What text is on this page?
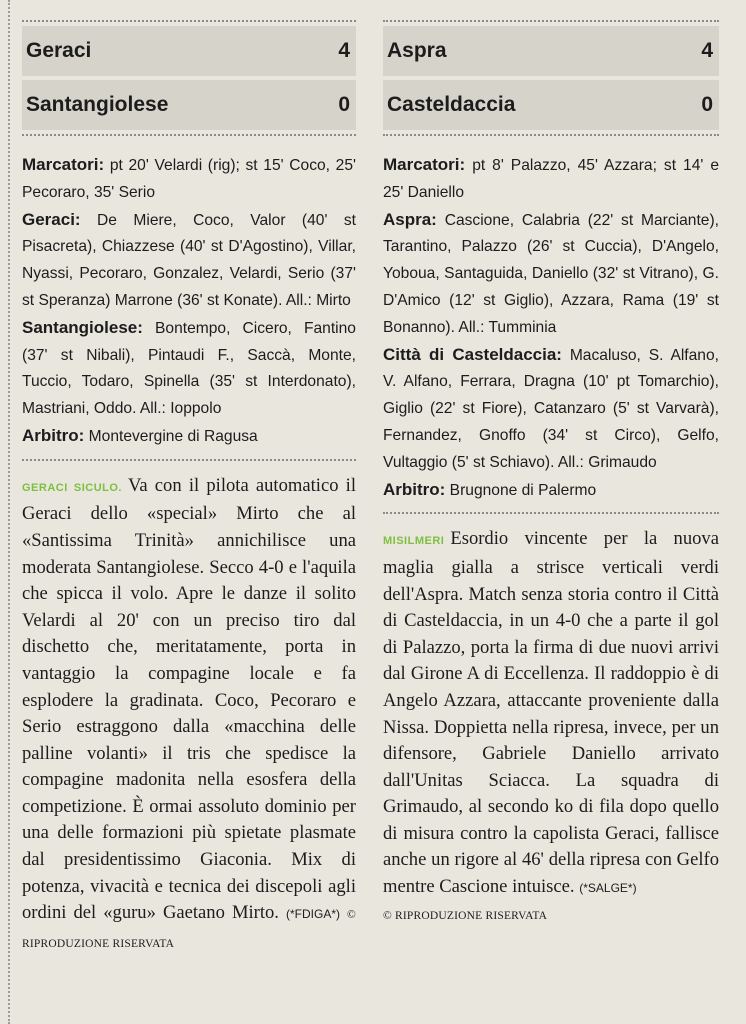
Geraci	4
Santangiolese	0

Marcatori: pt 20' Velardi (rig); st 15' Coco, 25' Pecoraro, 35' Serio

Geraci: De Miere, Coco, Valor (40' st Pisacreta), Chiazzese (40' st D'Agostino), Villar, Nyassi, Pecoraro, Gonzalez, Velardi, Serio (37' st Speranza) Marrone (36' st Konate). All.: Mirto

Santangiolese: Bontempo, Cicero, Fantino (37' st Nibali), Pintaudi F., Saccà, Monte, Tuccio, Todaro, Spinella (35' st Interdonato), Mastriani, Oddo. All.: Ioppolo

Arbitro: Montevergine di Ragusa

GERACI SICULO. Va con il pilota automatico il Geraci dello «special» Mirto che al «Santissima Trinità» annichilisce una moderata Santangiolese. Secco 4-0 e l'aquila che spicca il volo. Apre le danze il solito Velardi al 20' con un preciso tiro dal dischetto che, meritatamente, porta in vantaggio la compagine locale e fa esplodere la gradinata. Coco, Pecoraro e Serio estraggono dalla «macchina delle palline volanti» il tris che spedisce la compagine madonita nella esosfera della competizione. È ormai assoluto dominio per una delle formazioni più spietate plasmate dal presidentissimo Giaconia. Mix di potenza, vivacità e tecnica dei discepoli agli ordini del «guru» Gaetano Mirto. (*FDIGA*) © RIPRODUZIONE RISERVATA

Aspra	4
Casteldaccia	0

Marcatori: pt 8' Palazzo, 45' Azzara; st 14' e 25' Daniello

Aspra: Cascione, Calabria (22' st Marciante), Tarantino, Palazzo (26' st Cuccia), D'Angelo, Yoboua, Santaguida, Daniello (32' st Vitrano), G. D'Amico (12' st Giglio), Azzara, Rama (19' st Bonanno). All.: Tumminia

Città di Casteldaccia: Macaluso, S. Alfano, V. Alfano, Ferrara, Dragna (10' pt Tomarchio), Giglio (22' st Fiore), Catanzaro (5' st Varvarà), Fernandez, Gnoffo (34' st Circo), Gelfo, Vultaggio (5' st Schiavo). All.: Grimaudo

Arbitro: Brugnone di Palermo

MISILMERI Esordio vincente per la nuova maglia gialla a strisce verticali verdi dell'Aspra. Match senza storia contro il Città di Casteldaccia, in un 4-0 che a parte il gol di Palazzo, porta la firma di due nuovi arrivi dal Girone A di Eccellenza. Il raddoppio è di Angelo Azzara, attaccante proveniente dalla Nissa. Doppietta nella ripresa, invece, per un difensore, Gabriele Daniello arrivato dall'Unitas Sciacca. La squadra di Grimaudo, al secondo ko di fila dopo quello di misura contro la capolista Geraci, fallisce anche un rigore al 46' della ripresa con Gelfo mentre Cascione intuisce. (*SALGE*)

© RIPRODUZIONE RISERVATA
